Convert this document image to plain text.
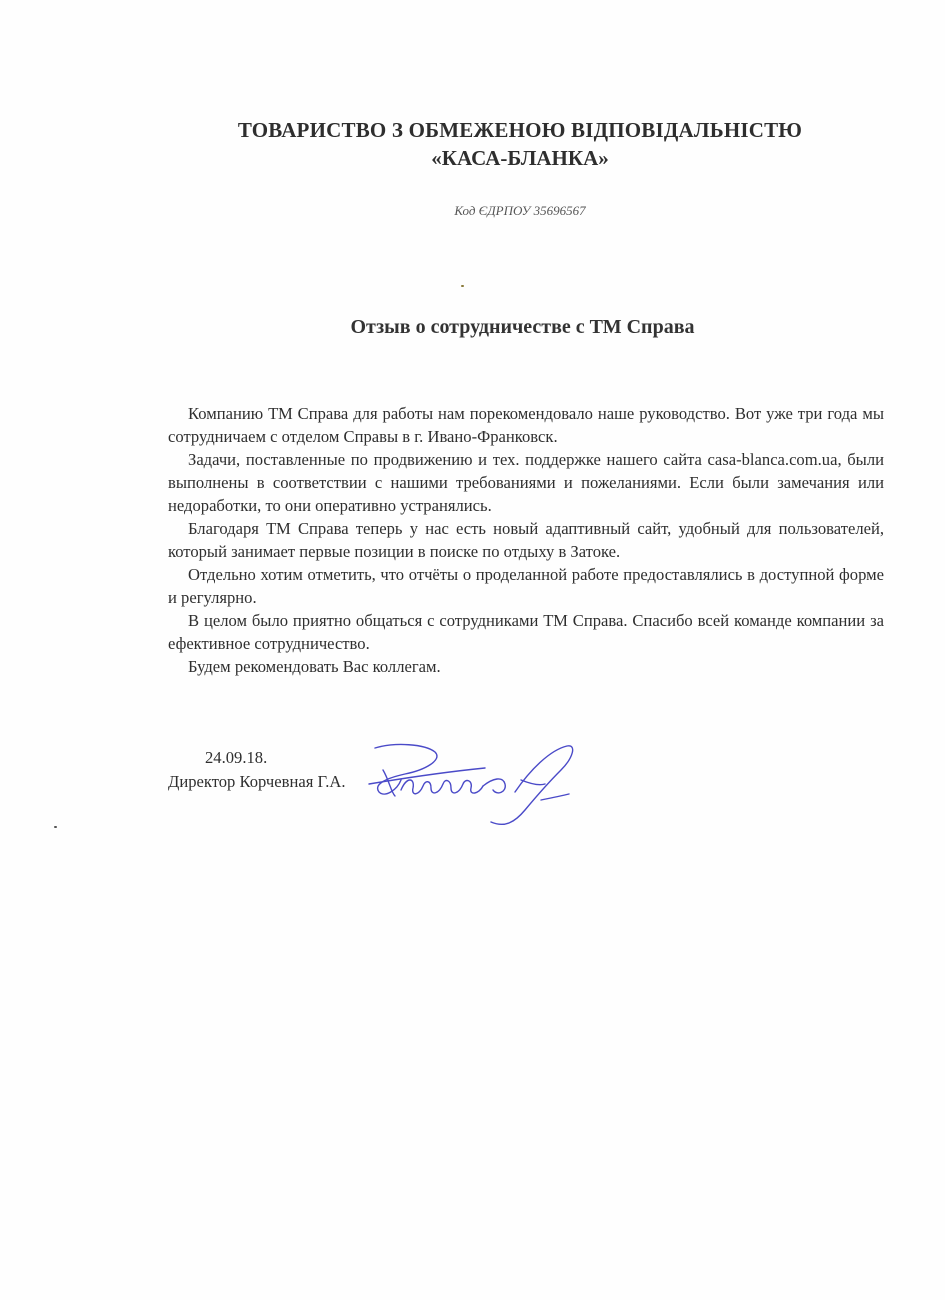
ТОВАРИСТВО З ОБМЕЖЕНОЮ ВІДПОВІДАЛЬНІСТЮ
«КАСА-БЛАНКА»
Код ЄДРПОУ 35696567
Отзыв о сотрудничестве с ТМ Справа

Компанию ТМ Справа для работы нам порекомендовало наше руководство. Вот уже три года мы сотрудничаем с отделом Справы в г. Ивано-Франковск.

Задачи, поставленные по продвижению и тех. поддержке нашего сайта casa-blanca.com.ua, были выполнены в соответствии с нашими требованиями и пожеланиями. Если были замечания или недоработки, то они оперативно устранялись.

Благодаря ТМ Справа теперь у нас есть новый адаптивный сайт, удобный для пользователей, который занимает первые позиции в поиске по отдыху в Затоке.

Отдельно хотим отметить, что отчёты о проделанной работе предоставлялись в доступной форме и регулярно.

В целом было приятно общаться с сотрудниками ТМ Справа. Спасибо всей команде компании за ефективное сотрудничество.

Будем рекомендовать Вас коллегам.

24.09.18.
Директор Корчевная Г.А.
